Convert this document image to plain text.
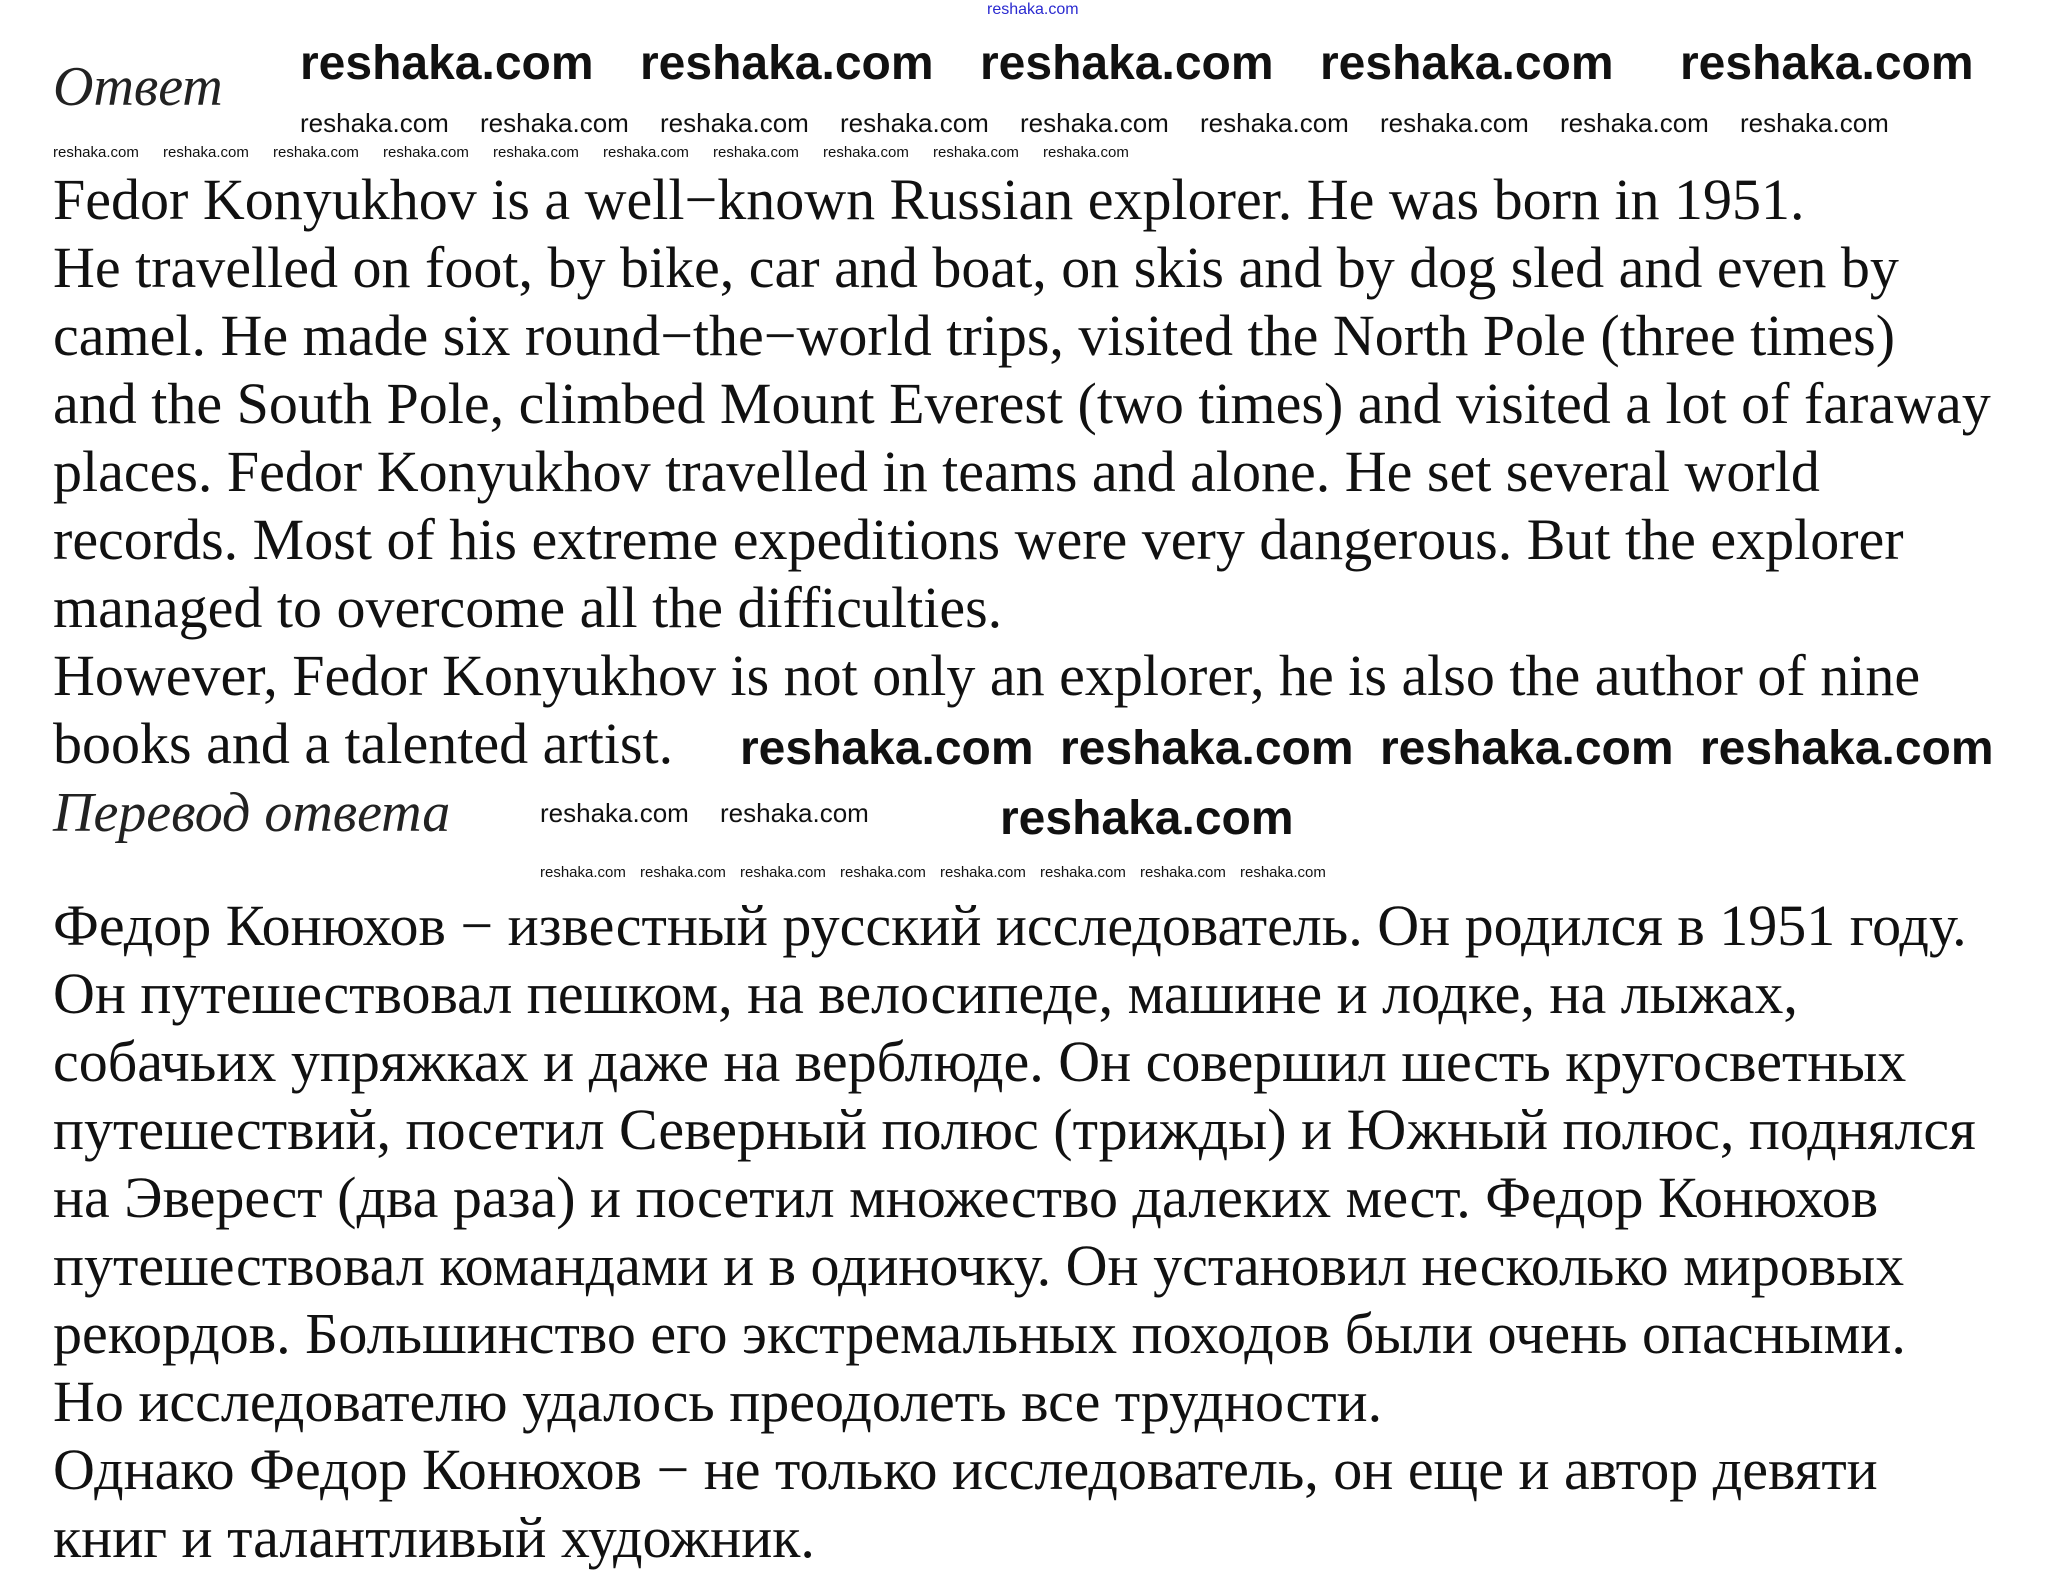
Ответ
Fedor Konyukhov is a well−known Russian explorer. He was born in 1951.
He travelled on foot, by bike, car and boat, on skis and by dog sled and even by
camel. He made six round−the−world trips, visited the North Pole (three times)
and the South Pole, climbed Mount Everest (two times) and visited a lot of faraway
places. Fedor Konyukhov travelled in teams and alone. He set several world
records. Most of his extreme expeditions were very dangerous. But the explorer
managed to overcome all the difficulties.
However, Fedor Konyukhov is not only an explorer, he is also the author of nine
books and a talented artist.
Перевод ответа
Федор Конюхов − известный русский исследователь. Он родился в 1951 году.
Он путешествовал пешком, на велосипеде, машине и лодке, на лыжах,
собачьих упряжках и даже на верблюде. Он совершил шесть кругосветных
путешествий, посетил Северный полюс (трижды) и Южный полюс, поднялся
на Эверест (два раза) и посетил множество далеких мест. Федор Конюхов
путешествовал командами и в одиночку. Он установил несколько мировых
рекордов. Большинство его экстремальных походов были очень опасными.
Но исследователю удалось преодолеть все трудности.
Однако Федор Конюхов − не только исследователь, он еще и автор девяти
книг и талантливый художник.
reshaka.com
reshaka.com reshaka.com reshaka.com reshaka.com reshaka.com
reshaka.com reshaka.com reshaka.com reshaka.com reshaka.com reshaka.com reshaka.com reshaka.com reshaka.com
reshaka.com reshaka.com reshaka.com reshaka.com reshaka.com reshaka.com reshaka.com reshaka.com reshaka.com reshaka.com
reshaka.com reshaka.com reshaka.com reshaka.com
reshaka.com reshaka.com	reshaka.com
reshaka.com reshaka.com reshaka.com reshaka.com reshaka.com reshaka.com reshaka.com reshaka.com
